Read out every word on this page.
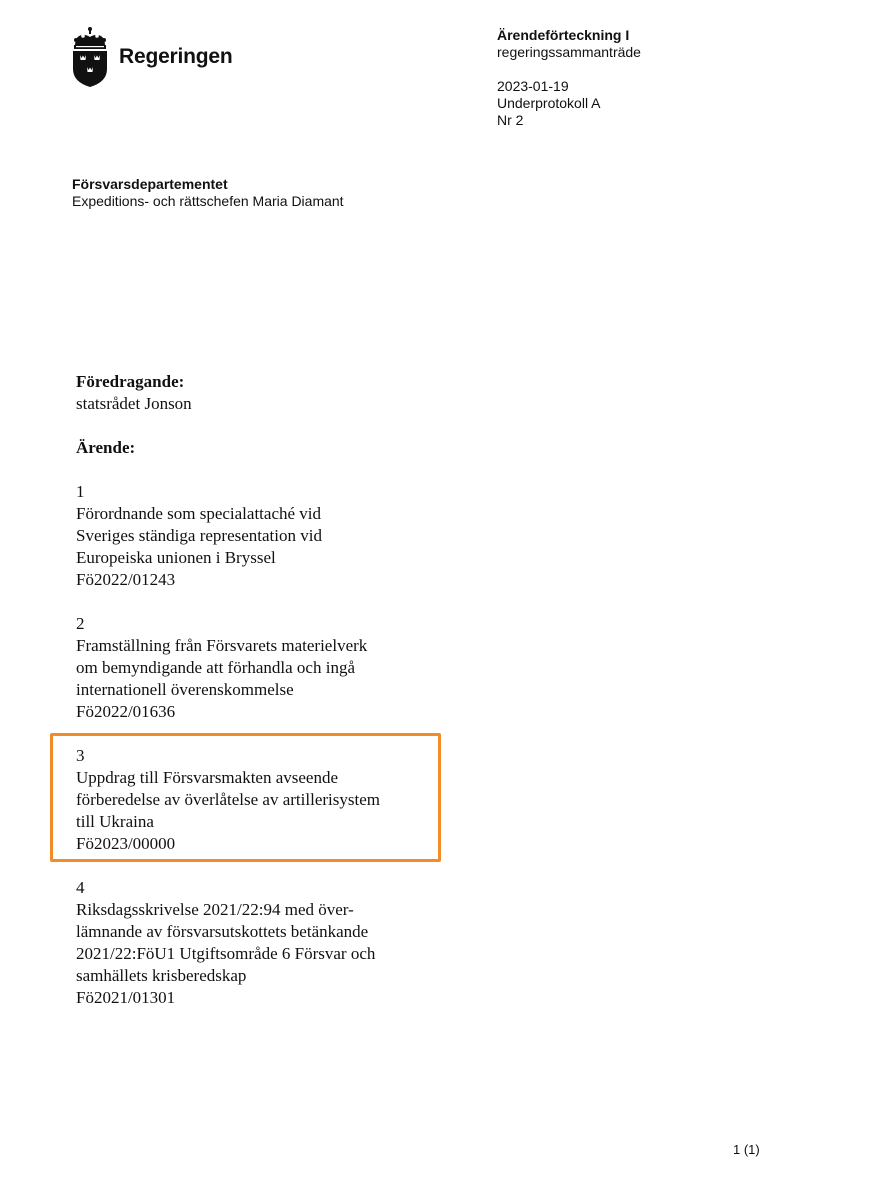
Regeringen
Ärendeförteckning I
regeringssammanträde
2023-01-19
Underprotokoll A
Nr 2
Försvarsdepartementet
Expeditions- och rättschefen Maria Diamant
Föredragande:
statsrådet Jonson
Ärende:

1

Förordnande som specialattaché vid

Sveriges ständiga representation vid

Europeiska unionen i Bryssel

Fö2022/01243

2

Framställning från Försvarets materielverk

om bemyndigande att förhandla och ingå

internationell överenskommelse

Fö2022/01636

3

Uppdrag till Försvarsmakten avseende

förberedelse av överlåtelse av artillerisystem

till Ukraina

Fö2023/00000

4

Riksdagsskrivelse 2021/22:94 med över-

lämnande av försvarsutskottets betänkande

2021/22:FöU1 Utgiftsområde 6 Försvar och

samhällets krisberedskap

Fö2021/01301

1 (1)
